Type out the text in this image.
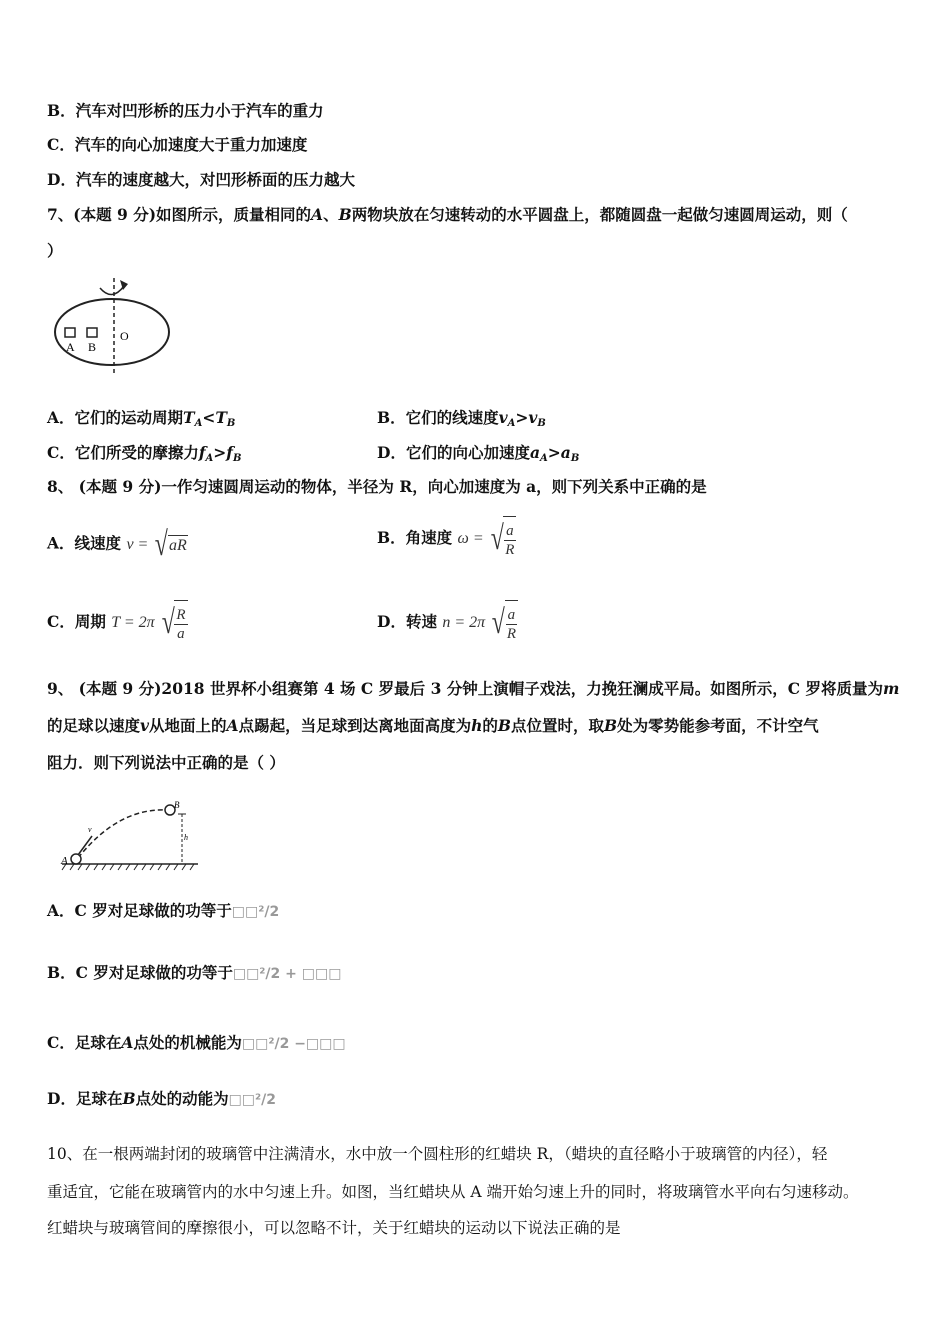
B．汽车对凹形桥的压力小于汽车的重力
C．汽车的向心加速度大于重力加速度
D．汽车的速度越大，对凹形桥面的压力越大
7、(本题 9 分)如图所示，质量相同的A、B两物块放在匀速转动的水平圆盘上，都随圆盘一起做匀速圆周运动，则（
）
A B
O
A．它们的运动周期$T_A<T_B$	B．它们的线速度$v_A>v_B$
C．它们所受的摩擦力$f_A>f_B$	D．它们的向心加速度$a_A>a_B$
8、 (本题 9 分)一作匀速圆周运动的物体，半径为 R，向心加速度为 a，则下列关系中正确的是
A．线速度 v = √ aR	B．角速度 ω = √ $\frac{a}{R}$
C．周期 T = 2π √ $\frac{R}{a}$	D．转速 n = 2π √ $\frac{a}{R}$
9、 (本题 9 分)2018 世界杯小组赛第 4 场 C 罗最后 3 分钟上演帽子戏法，力挽狂澜成平局。如图所示，C 罗将质量为m
的足球以速度v从地面上的A点踢起，当足球到达离地面高度为h的B点位置时，取B处为零势能参考面，不计空气
阻力．则下列说法中正确的是（ ）
v
A
B
h
A．C 罗对足球做的功等于□□²/2
B．C 罗对足球做的功等于□□²/2 + □□□
C．足球在A点处的机械能为□□²/2 −□□□
D．足球在B点处的动能为□□²/2
10、在一根两端封闭的玻璃管中注满清水，水中放一个圆柱形的红蜡块 R，（蜡块的直径略小于玻璃管的内径），轻
重适宜，它能在玻璃管内的水中匀速上升。如图，当红蜡块从 A 端开始匀速上升的同时，将玻璃管水平向右匀速移动。
红蜡块与玻璃管间的摩擦很小，可以忽略不计，关于红蜡块的运动以下说法正确的是
